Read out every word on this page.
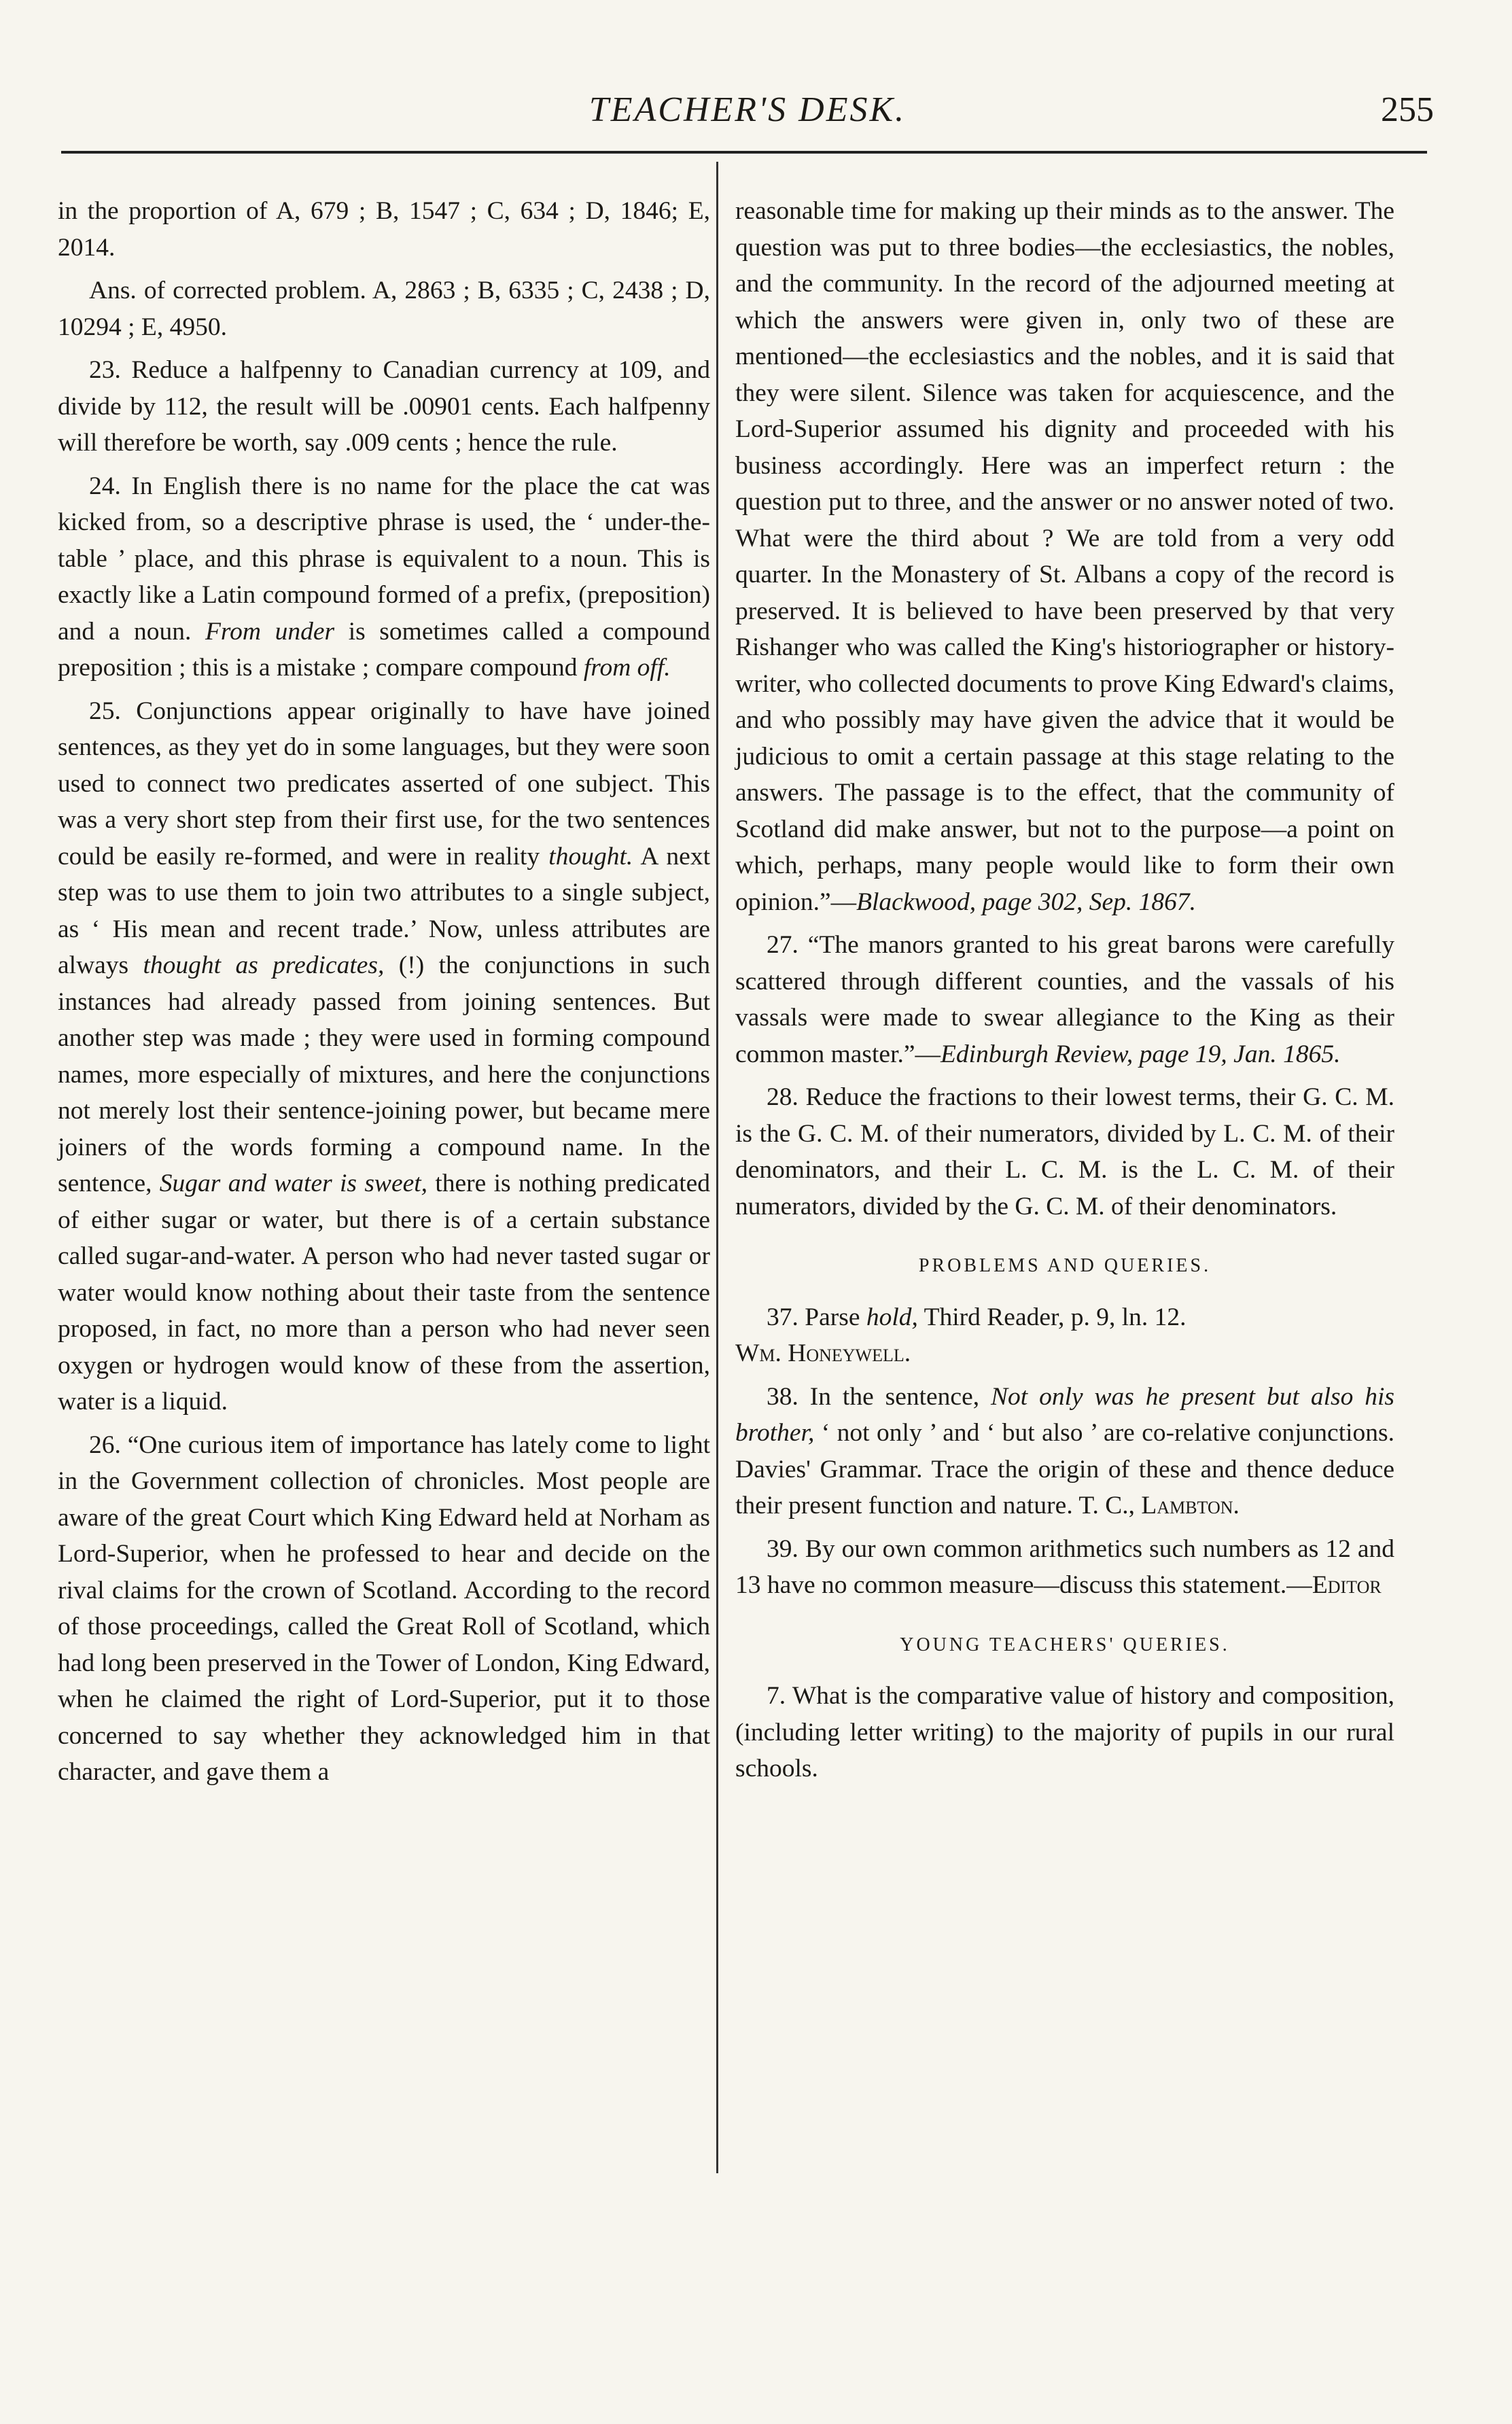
TEACHER'S DESK.	255

in the proportion of A, 679 ; B, 1547 ; C, 634 ; D, 1846; E, 2014.

Ans. of corrected problem. A, 2863 ; B, 6335 ; C, 2438 ; D, 10294 ; E, 4950.

23. Reduce a halfpenny to Canadian currency at 109, and divide by 112, the result will be .00901 cents. Each halfpenny will therefore be worth, say .009 cents ; hence the rule.

24. In English there is no name for the place the cat was kicked from, so a descriptive phrase is used, the ‘ under-the-table ’ place, and this phrase is equivalent to a noun. This is exactly like a Latin compound formed of a prefix, (preposition) and a noun. From under is sometimes called a compound preposition ; this is a mistake ; compare compound from off.

25. Conjunctions appear originally to have have joined sentences, as they yet do in some languages, but they were soon used to connect two predicates asserted of one subject. This was a very short step from their first use, for the two sentences could be easily re-formed, and were in reality thought. A next step was to use them to join two attributes to a single subject, as ‘ His mean and recent trade.’ Now, unless attributes are always thought as predicates, (!) the conjunctions in such instances had already passed from joining sentences. But another step was made ; they were used in forming compound names, more especially of mixtures, and here the conjunctions not merely lost their sentence-joining power, but became mere joiners of the words forming a compound name. In the sentence, Sugar and water is sweet, there is nothing predicated of either sugar or water, but there is of a certain substance called sugar-and-water. A person who had never tasted sugar or water would know nothing about their taste from the sentence proposed, in fact, no more than a person who had never seen oxygen or hydrogen would know of these from the assertion, water is a liquid.

26. “One curious item of importance has lately come to light in the Government collection of chronicles. Most people are aware of the great Court which King Edward held at Norham as Lord-Superior, when he professed to hear and decide on the rival claims for the crown of Scotland. According to the record of those proceedings, called the Great Roll of Scotland, which had long been preserved in the Tower of London, King Edward, when he claimed the right of Lord-Superior, put it to those concerned to say whether they acknowledged him in that character, and gave them a

reasonable time for making up their minds as to the answer. The question was put to three bodies—the ecclesiastics, the nobles, and the community. In the record of the adjourned meeting at which the answers were given in, only two of these are mentioned—the ecclesiastics and the nobles, and it is said that they were silent. Silence was taken for acquiescence, and the Lord-Superior assumed his dignity and proceeded with his business accordingly. Here was an imperfect return : the question put to three, and the answer or no answer noted of two. What were the third about ? We are told from a very odd quarter. In the Monastery of St. Albans a copy of the record is preserved. It is believed to have been preserved by that very Rishanger who was called the King's historiographer or history-writer, who collected documents to prove King Edward's claims, and who possibly may have given the advice that it would be judicious to omit a certain passage at this stage relating to the answers. The passage is to the effect, that the community of Scotland did make answer, but not to the purpose—a point on which, perhaps, many people would like to form their own opinion.”—Blackwood, page 302, Sep. 1867.

27. “The manors granted to his great barons were carefully scattered through different counties, and the vassals of his vassals were made to swear allegiance to the King as their common master.”—Edinburgh Review, page 19, Jan. 1865.

28. Reduce the fractions to their lowest terms, their G. C. M. is the G. C. M. of their numerators, divided by L. C. M. of their denominators, and their L. C. M. is the L. C. M. of their numerators, divided by the G. C. M. of their denominators.

PROBLEMS AND QUERIES.

37. Parse hold, Third Reader, p. 9, ln. 12.
Wm. Honeywell.

38. In the sentence, Not only was he present but also his brother, ‘ not only ’ and ‘ but also ’ are co-relative conjunctions. Davies' Grammar. Trace the origin of these and thence deduce their present function and nature. T. C., Lambton.

39. By our own common arithmetics such numbers as 12 and 13 have no common measure—discuss this statement.—Editor

YOUNG TEACHERS' QUERIES.

7. What is the comparative value of history and composition, (including letter writing) to the majority of pupils in our rural schools.
